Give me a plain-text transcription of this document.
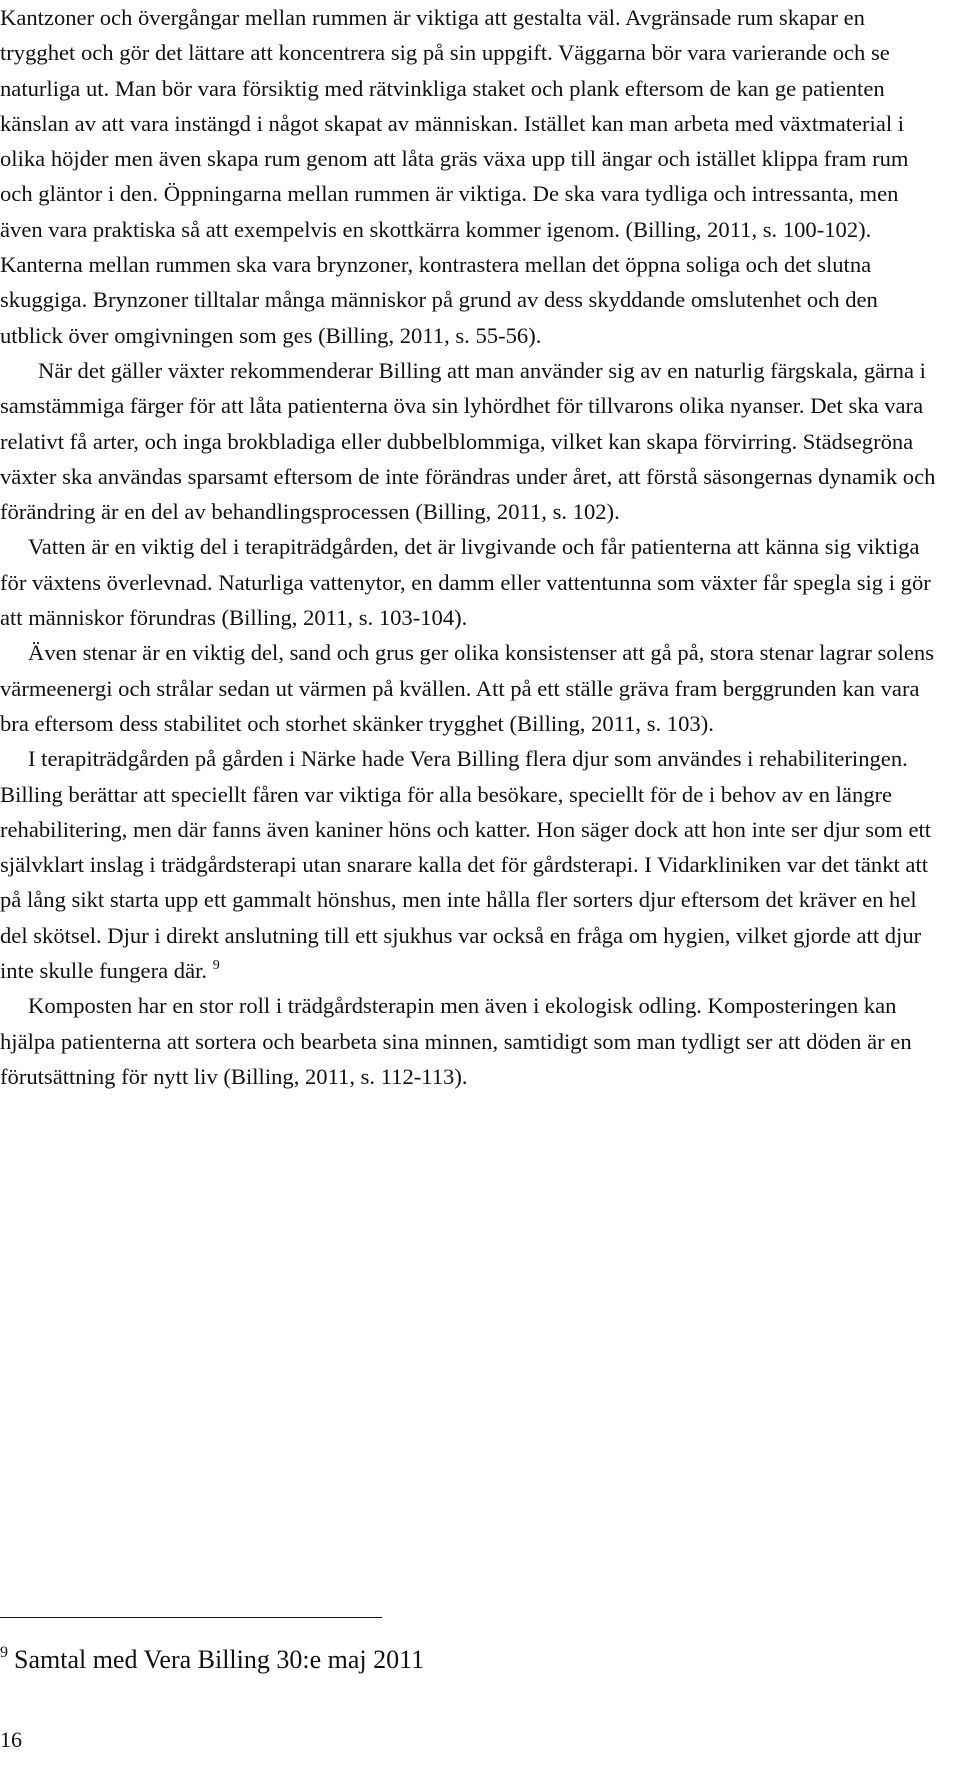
Kantzoner och övergångar mellan rummen är viktiga att gestalta väl. Avgränsade rum skapar en trygghet och gör det lättare att koncentrera sig på sin uppgift. Väggarna bör vara varierande och se naturliga ut. Man bör vara försiktig med rätvinkliga staket och plank eftersom de kan ge patienten känslan av att vara instängd i något skapat av människan. Istället kan man arbeta med växtmaterial i olika höjder men även skapa rum genom att låta gräs växa upp till ängar och istället klippa fram rum och gläntor i den. Öppningarna mellan rummen är viktiga. De ska vara tydliga och intressanta, men även vara praktiska så att exempelvis en skottkärra kommer igenom. (Billing, 2011, s. 100-102). Kanterna mellan rummen ska vara brynzoner, kontrastera mellan det öppna soliga och det slutna skuggiga. Brynzoner tilltalar många människor på grund av dess skyddande omslutenhet och den utblick över omgivningen som ges (Billing, 2011, s. 55-56).

När det gäller växter rekommenderar Billing att man använder sig av en naturlig färgskala, gärna i samstämmiga färger för att låta patienterna öva sin lyhördhet för tillvarons olika nyanser. Det ska vara relativt få arter, och inga brokbladiga eller dubbelblommiga, vilket kan skapa förvirring. Städsegröna växter ska användas sparsamt eftersom de inte förändras under året, att förstå säsongernas dynamik och förändring är en del av behandlingsprocessen (Billing, 2011, s. 102).

Vatten är en viktig del i terapiträdgården, det är livgivande och får patienterna att känna sig viktiga för växtens överlevnad. Naturliga vattenytor, en damm eller vattentunna som växter får spegla sig i gör att människor förundras (Billing, 2011, s. 103-104).

Även stenar är en viktig del, sand och grus ger olika konsistenser att gå på, stora stenar lagrar solens värmeenergi och strålar sedan ut värmen på kvällen. Att på ett ställe gräva fram berggrunden kan vara bra eftersom dess stabilitet och storhet skänker trygghet (Billing, 2011, s. 103).

I terapiträdgården på gården i Närke hade Vera Billing flera djur som användes i rehabiliteringen. Billing berättar att speciellt fåren var viktiga för alla besökare, speciellt för de i behov av en längre rehabilitering, men där fanns även kaniner höns och katter. Hon säger dock att hon inte ser djur som ett självklart inslag i trädgårdsterapi utan snarare kalla det för gårdsterapi. I Vidarkliniken var det tänkt att på lång sikt starta upp ett gammalt hönshus, men inte hålla fler sorters djur eftersom det kräver en hel del skötsel. Djur i direkt anslutning till ett sjukhus var också en fråga om hygien, vilket gjorde att djur inte skulle fungera där. $^9$

Komposten har en stor roll i trädgårdsterapin men även i ekologisk odling. Komposteringen kan hjälpa patienterna att sortera och bearbeta sina minnen, samtidigt som man tydligt ser att döden är en förutsättning för nytt liv (Billing, 2011, s. 112-113).

$^9$ Samtal med Vera Billing 30:e maj 2011
16
